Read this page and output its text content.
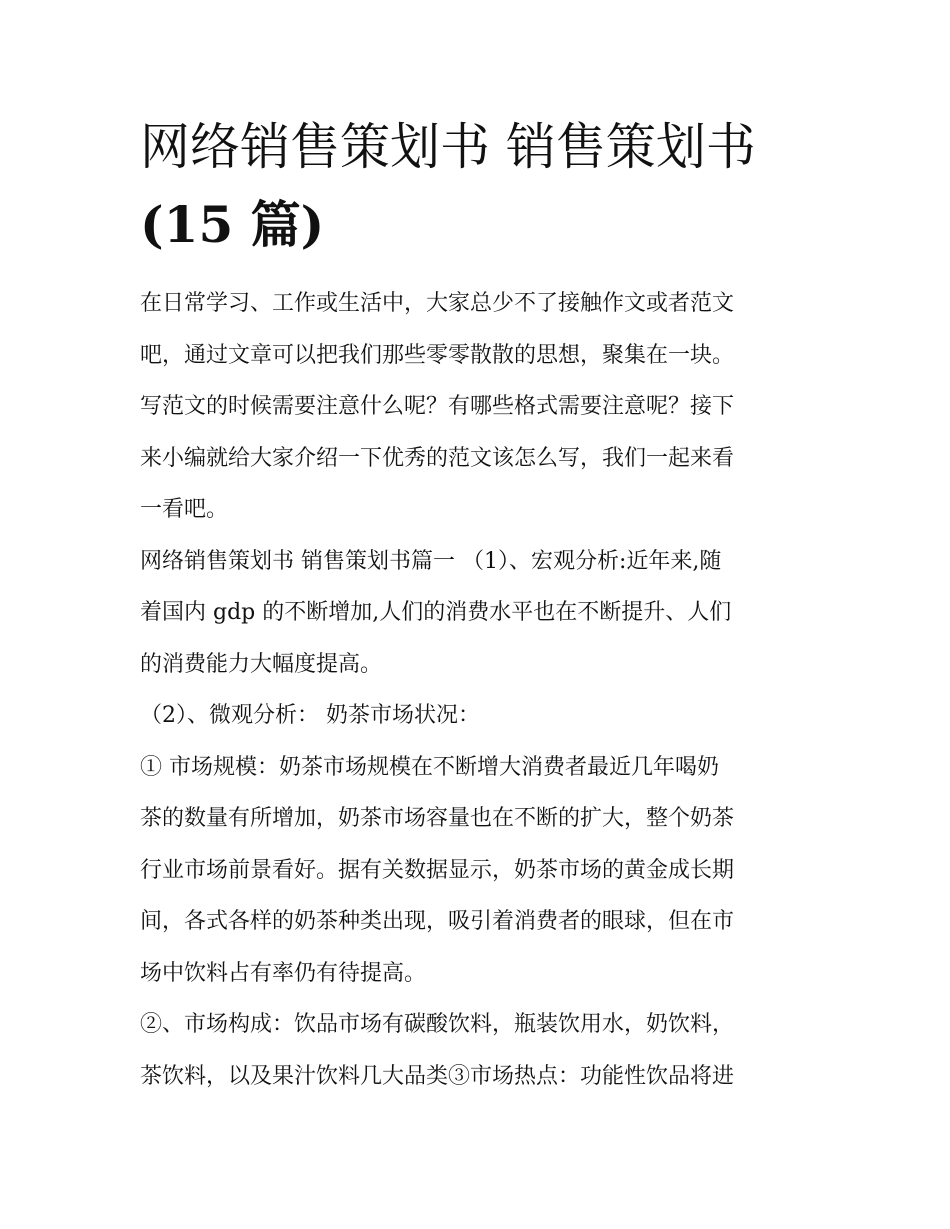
网络销售策划书 销售策划书
(15 篇)

在日常学习、工作或生活中，大家总少不了接触作文或者范文
吧，通过文章可以把我们那些零零散散的思想，聚集在一块。
写范文的时候需要注意什么呢？有哪些格式需要注意呢？接下
来小编就给大家介绍一下优秀的范文该怎么写，我们一起来看
一看吧。

网络销售策划书 销售策划书篇一 （1）、宏观分析:近年来,随
着国内 gdp 的不断增加,人们的消费水平也在不断提升、人们
的消费能力大幅度提高。

（2）、微观分析： 奶茶市场状况：

① 市场规模：奶茶市场规模在不断增大消费者最近几年喝奶
茶的数量有所增加，奶茶市场容量也在不断的扩大，整个奶茶
行业市场前景看好。据有关数据显示，奶茶市场的黄金成长期
间，各式各样的奶茶种类出现，吸引着消费者的眼球，但在市
场中饮料占有率仍有待提高。

②、市场构成：饮品市场有碳酸饮料，瓶装饮用水，奶饮料，
茶饮料，以及果汁饮料几大品类③市场热点：功能性饮品将进
